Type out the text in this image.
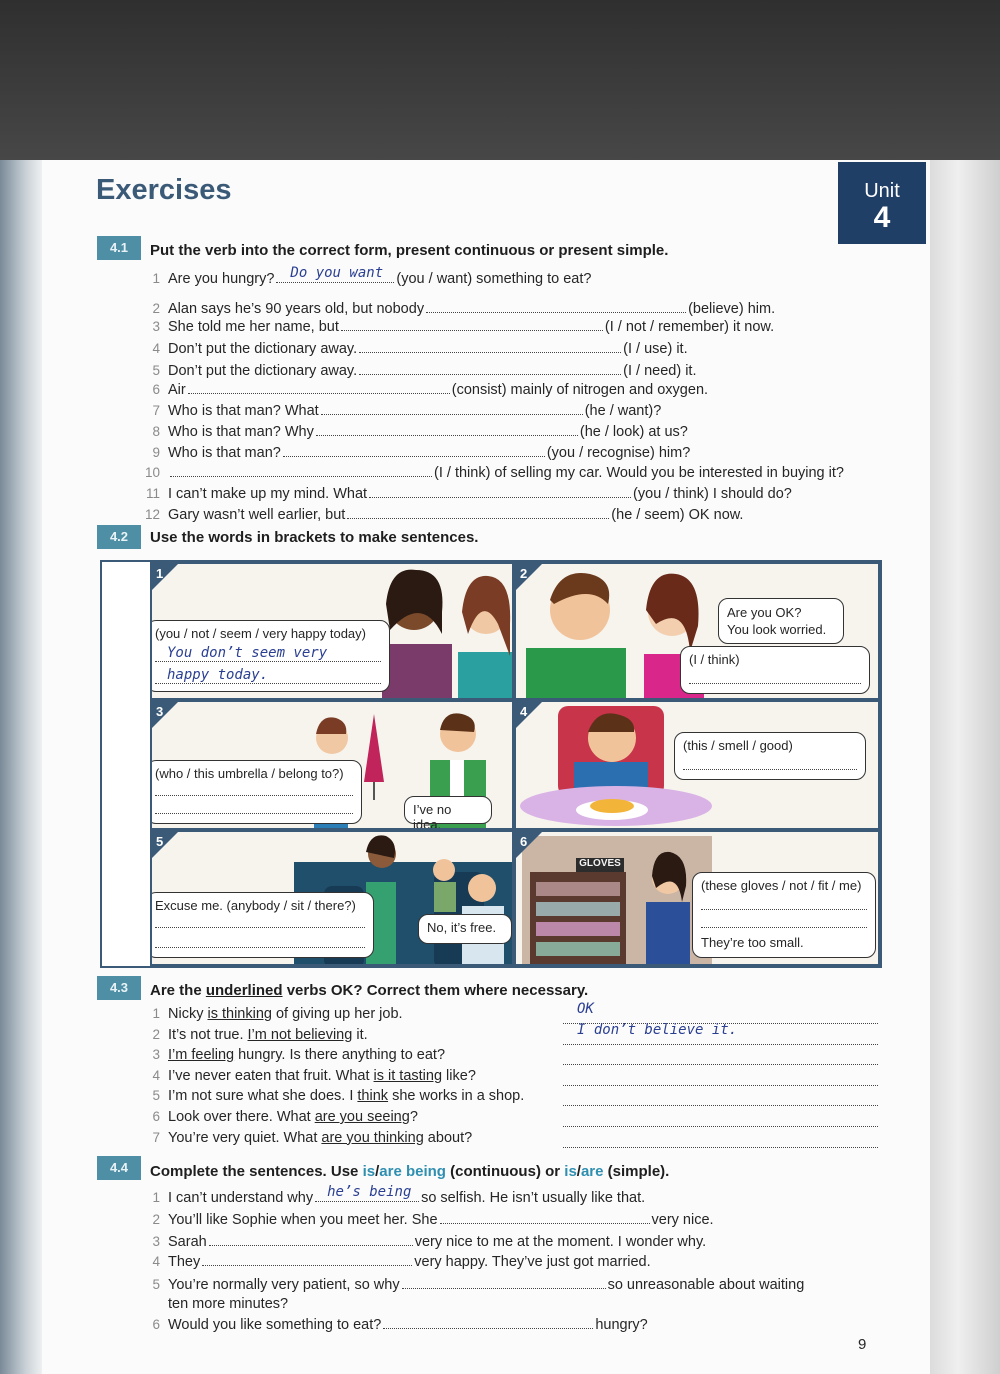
Exercises	Unit
4
4.1	Put the verb into the correct form, present continuous or present simple.
1 Are you hungry? Do you want (you / want) something to eat?
2 Alan says he’s 90 years old, but nobody	(believe) him.
3 She told me her name, but	(I / not / remember) it now.
4 Don’t put the dictionary away.	(I / use) it.
5 Don’t put the dictionary away.	(I / need) it.
6 Air	(consist) mainly of nitrogen and oxygen.
7 Who is that man? What	(he / want)?
8 Who is that man? Why	(he / look) at us?
9 Who is that man?	(you / recognise) him?
10	(I / think) of selling my car. Would you be interested in buying it?
11 I can’t make up my mind. What	(you / think) I should do?
12 Gary wasn’t well earlier, but	(he / seem) OK now.
4.2	Use the words in brackets to make sentences.
1
(you / not / seem / very happy today)
You don’t seem very
happy today.
2
Are you OK?
You look worried.
(I / think)
3
(who / this umbrella / belong to?)
I’ve no idea.
4
(this / smell / good)
5
Excuse me. (anybody / sit / there?)
No, it’s free.
6
GLOVES
(these gloves / not / fit / me)
They’re too small.
4.3	Are the underlined verbs OK? Correct them where necessary.
1 Nicky is thinking of giving up her job.	OK
2 It’s not true. I’m not believing it.	I don’t believe it.
3 I’m feeling hungry. Is there anything to eat?
4 I’ve never eaten that fruit. What is it tasting like?
5 I’m not sure what she does. I think she works in a shop.
6 Look over there. What are you seeing?
7 You’re very quiet. What are you thinking about?
4.4	Complete the sentences. Use is/are being (continuous) or is/are (simple).
1 I can’t understand why he’s being so selfish. He isn’t usually like that.
2 You’ll like Sophie when you meet her. She	very nice.
3 Sarah	very nice to me at the moment. I wonder why.
4 They	very happy. They’ve just got married.
5 You’re normally very patient, so why	so unreasonable about waiting
ten more minutes?
6 Would you like something to eat?	hungry?
9
